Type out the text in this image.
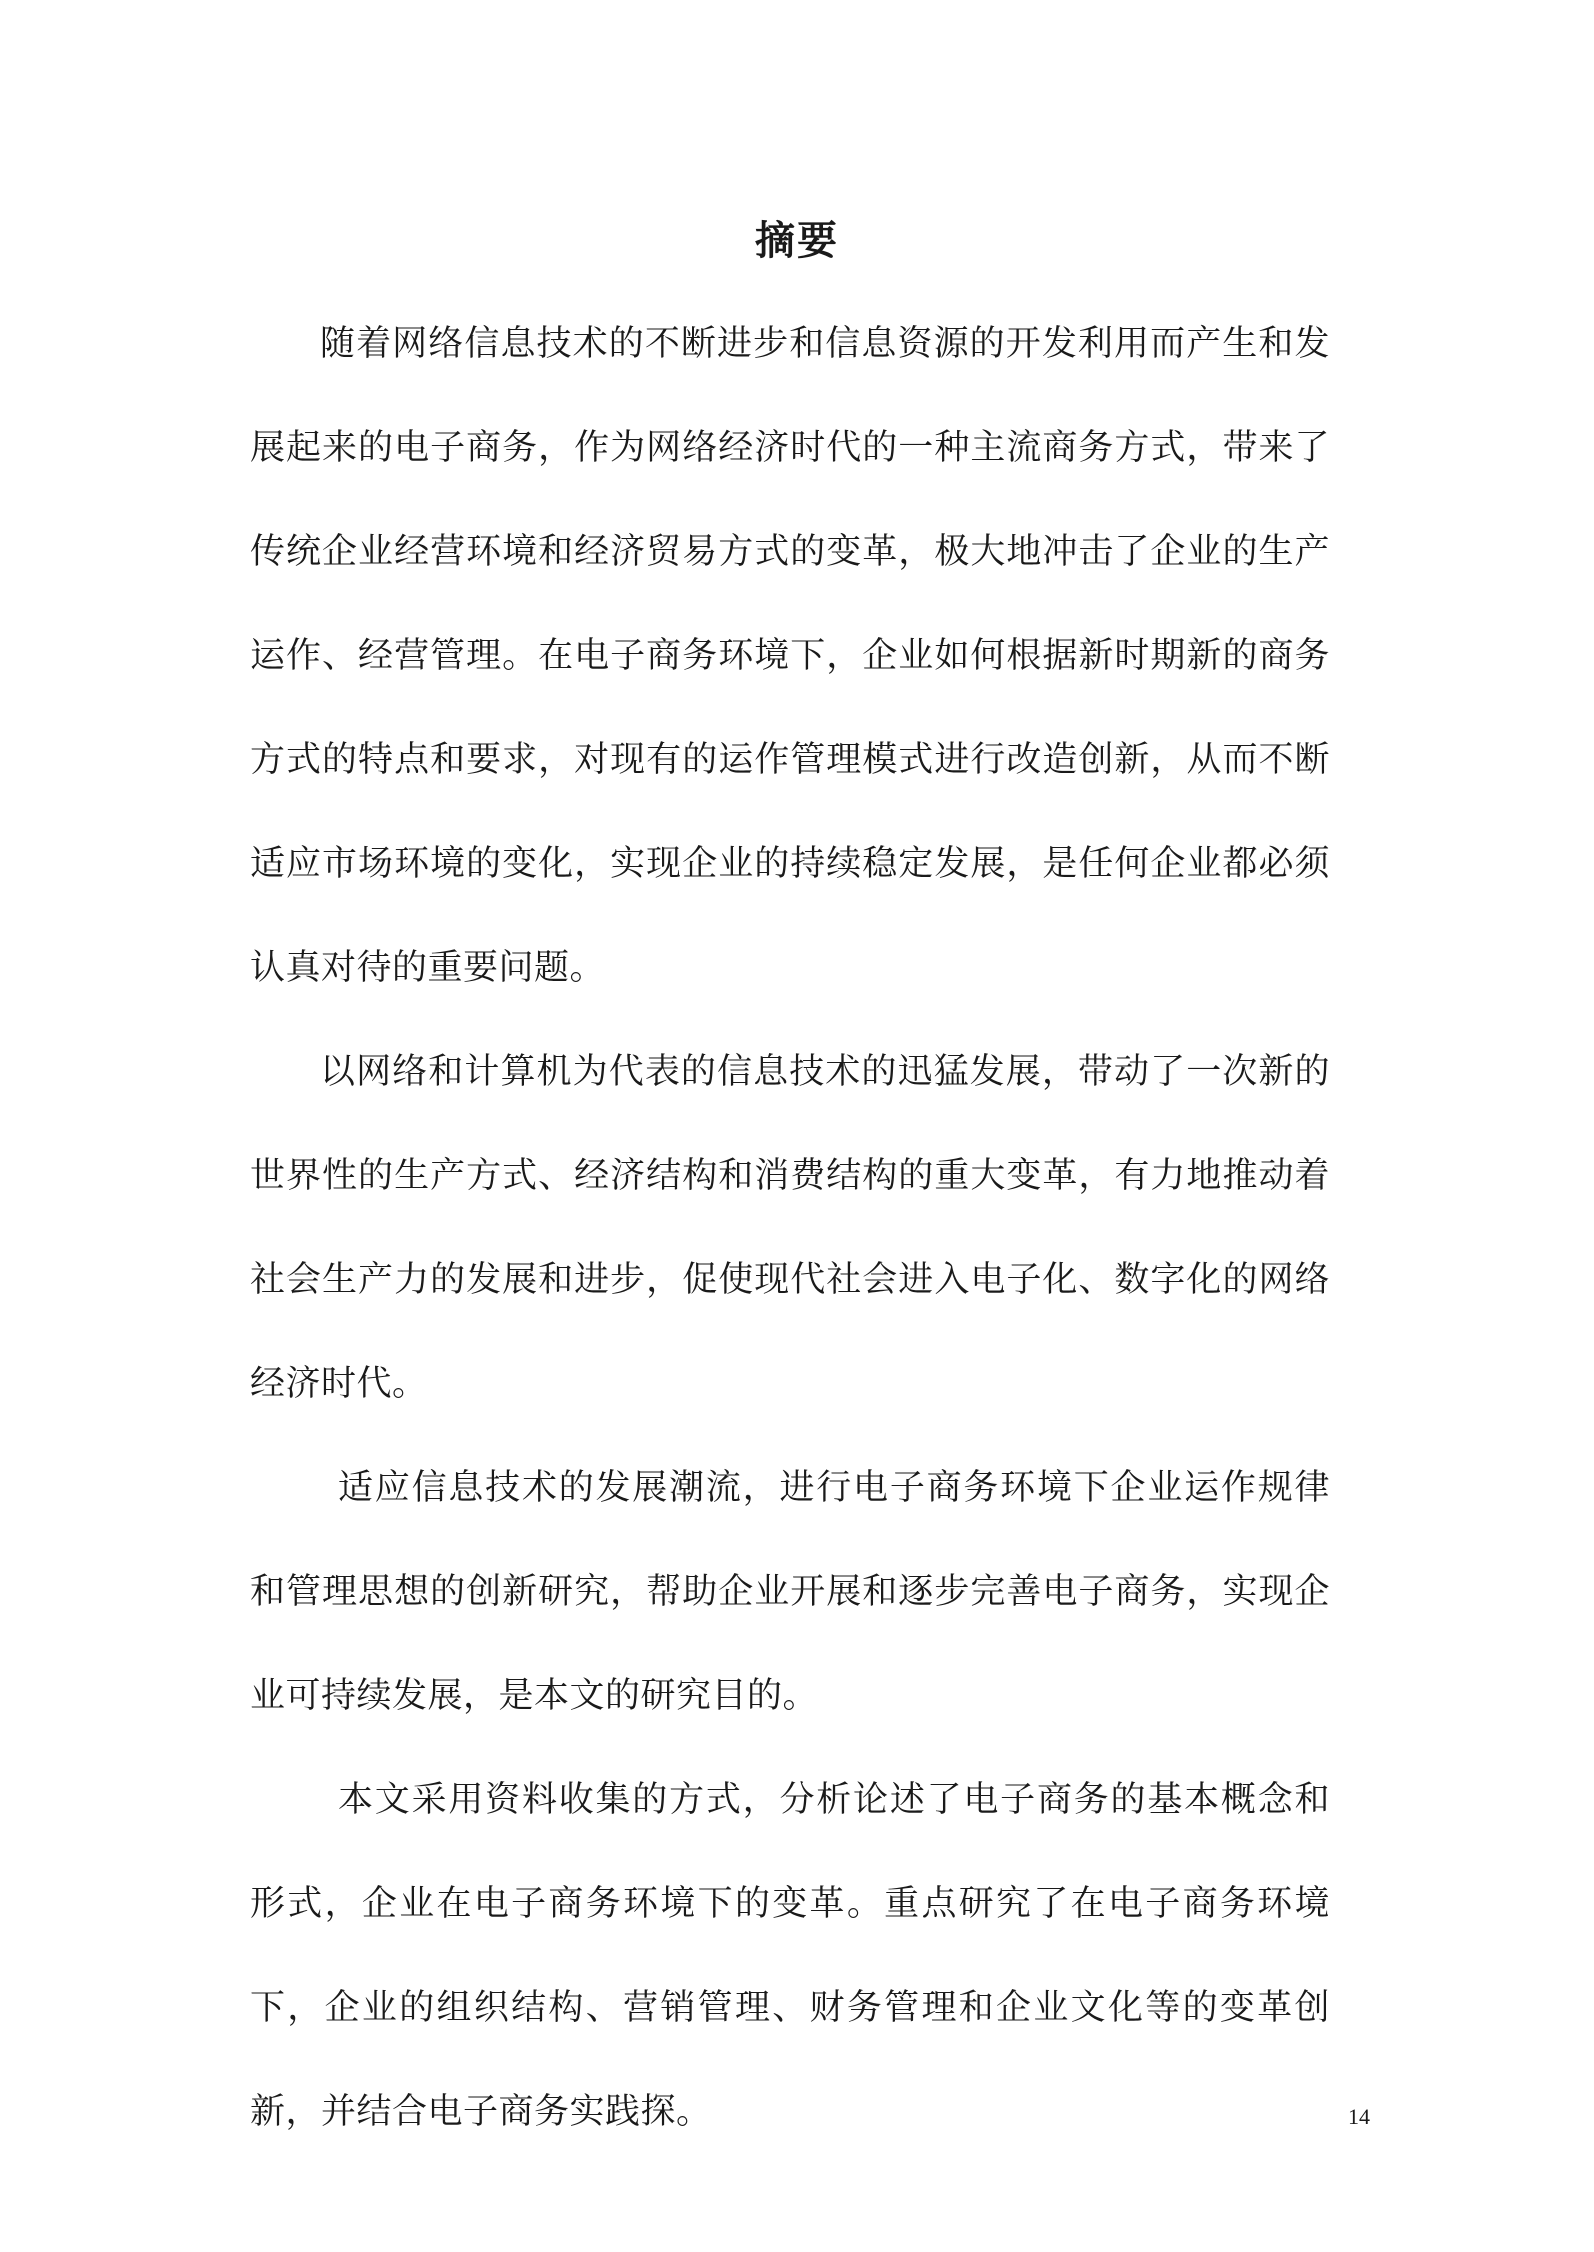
摘要

随着网络信息技术的不断进步和信息资源的开发利用而产生和发展起来的电子商务，作为网络经济时代的一种主流商务方式，带来了传统企业经营环境和经济贸易方式的变革，极大地冲击了企业的生产运作、经营管理。在电子商务环境下，企业如何根据新时期新的商务方式的特点和要求，对现有的运作管理模式进行改造创新，从而不断适应市场环境的变化，实现企业的持续稳定发展，是任何企业都必须认真对待的重要问题。

以网络和计算机为代表的信息技术的迅猛发展，带动了一次新的世界性的生产方式、经济结构和消费结构的重大变革，有力地推动着社会生产力的发展和进步，促使现代社会进入电子化、数字化的网络经济时代。

适应信息技术的发展潮流，进行电子商务环境下企业运作规律和管理思想的创新研究，帮助企业开展和逐步完善电子商务，实现企业可持续发展，是本文的研究目的。

本文采用资料收集的方式，分析论述了电子商务的基本概念和形式，企业在电子商务环境下的变革。重点研究了在电子商务环境下，企业的组织结构、营销管理、财务管理和企业文化等的变革创新，并结合电子商务实践探。	14
